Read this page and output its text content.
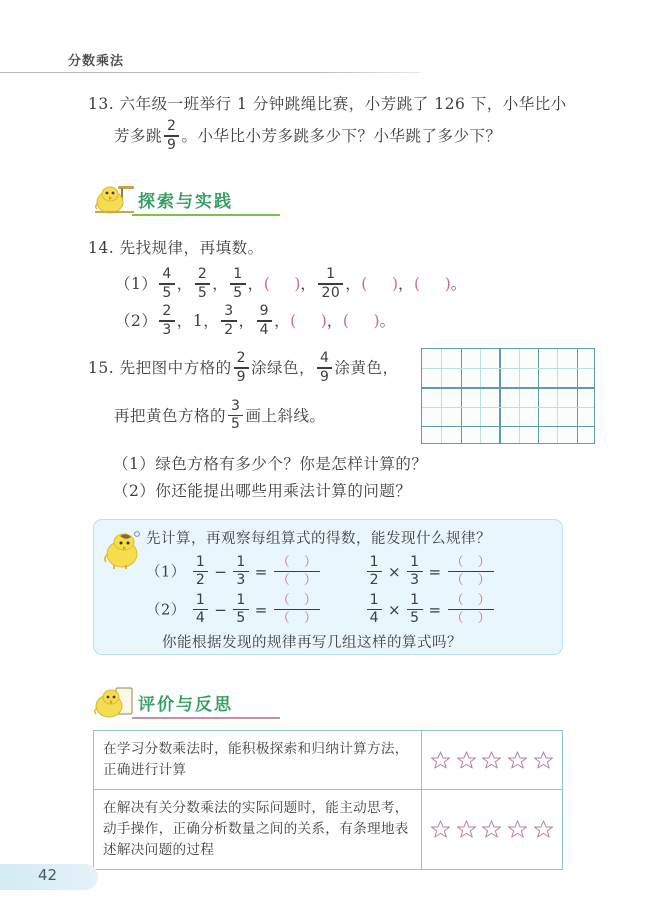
分数乘法
13. 六年级一班举行 1 分钟跳绳比赛，小芳跳了 126 下，小华比小
芳多跳 $\frac{2}{9}$ 。小华比小芳多跳多少下？小华跳了多少下？
探索与实践
14. 先找规律，再填数。
$(1) \frac{4}{5}$ ， $\frac{2}{5}$ ， $\frac{1}{5}$ ，(     )， $\frac{1}{20}$ ，(     )，(     )。
$(2) \frac{2}{3}$ ，1， $\frac{3}{2}$ ， $\frac{9}{4}$ ，(     )，(     )。
15. 先把图中方格的 $\frac{2}{9}$ 涂绿色， $\frac{4}{9}$ 涂黄色，
再把黄色方格的 $\frac{3}{5}$ 画上斜线。
（1）绿色方格有多少个？你是怎样计算的？
（2）你还能提出哪些用乘法计算的问题？
先计算，再观察每组算式的得数，能发现什么规律？
$(1) \frac{1}{2} - \frac{1}{3}$ =
（　）
（　）
	$\frac{1}{2} \times \frac{1}{3}$ =
（　）
（　）
$(2) \frac{1}{4} - \frac{1}{5}$ =
（　）
（　）
	$\frac{1}{4} \times \frac{1}{5}$ =
（　）
（　）
你能根据发现的规律再写几组这样的算式吗？
评价与反思
在学习分数乘法时，能积极探索和归纳计算方法，正确进行计算
在解决有关分数乘法的实际问题时，能主动思考，动手操作，正确分析数量之间的关系，有条理地表述解决问题的过程
42
